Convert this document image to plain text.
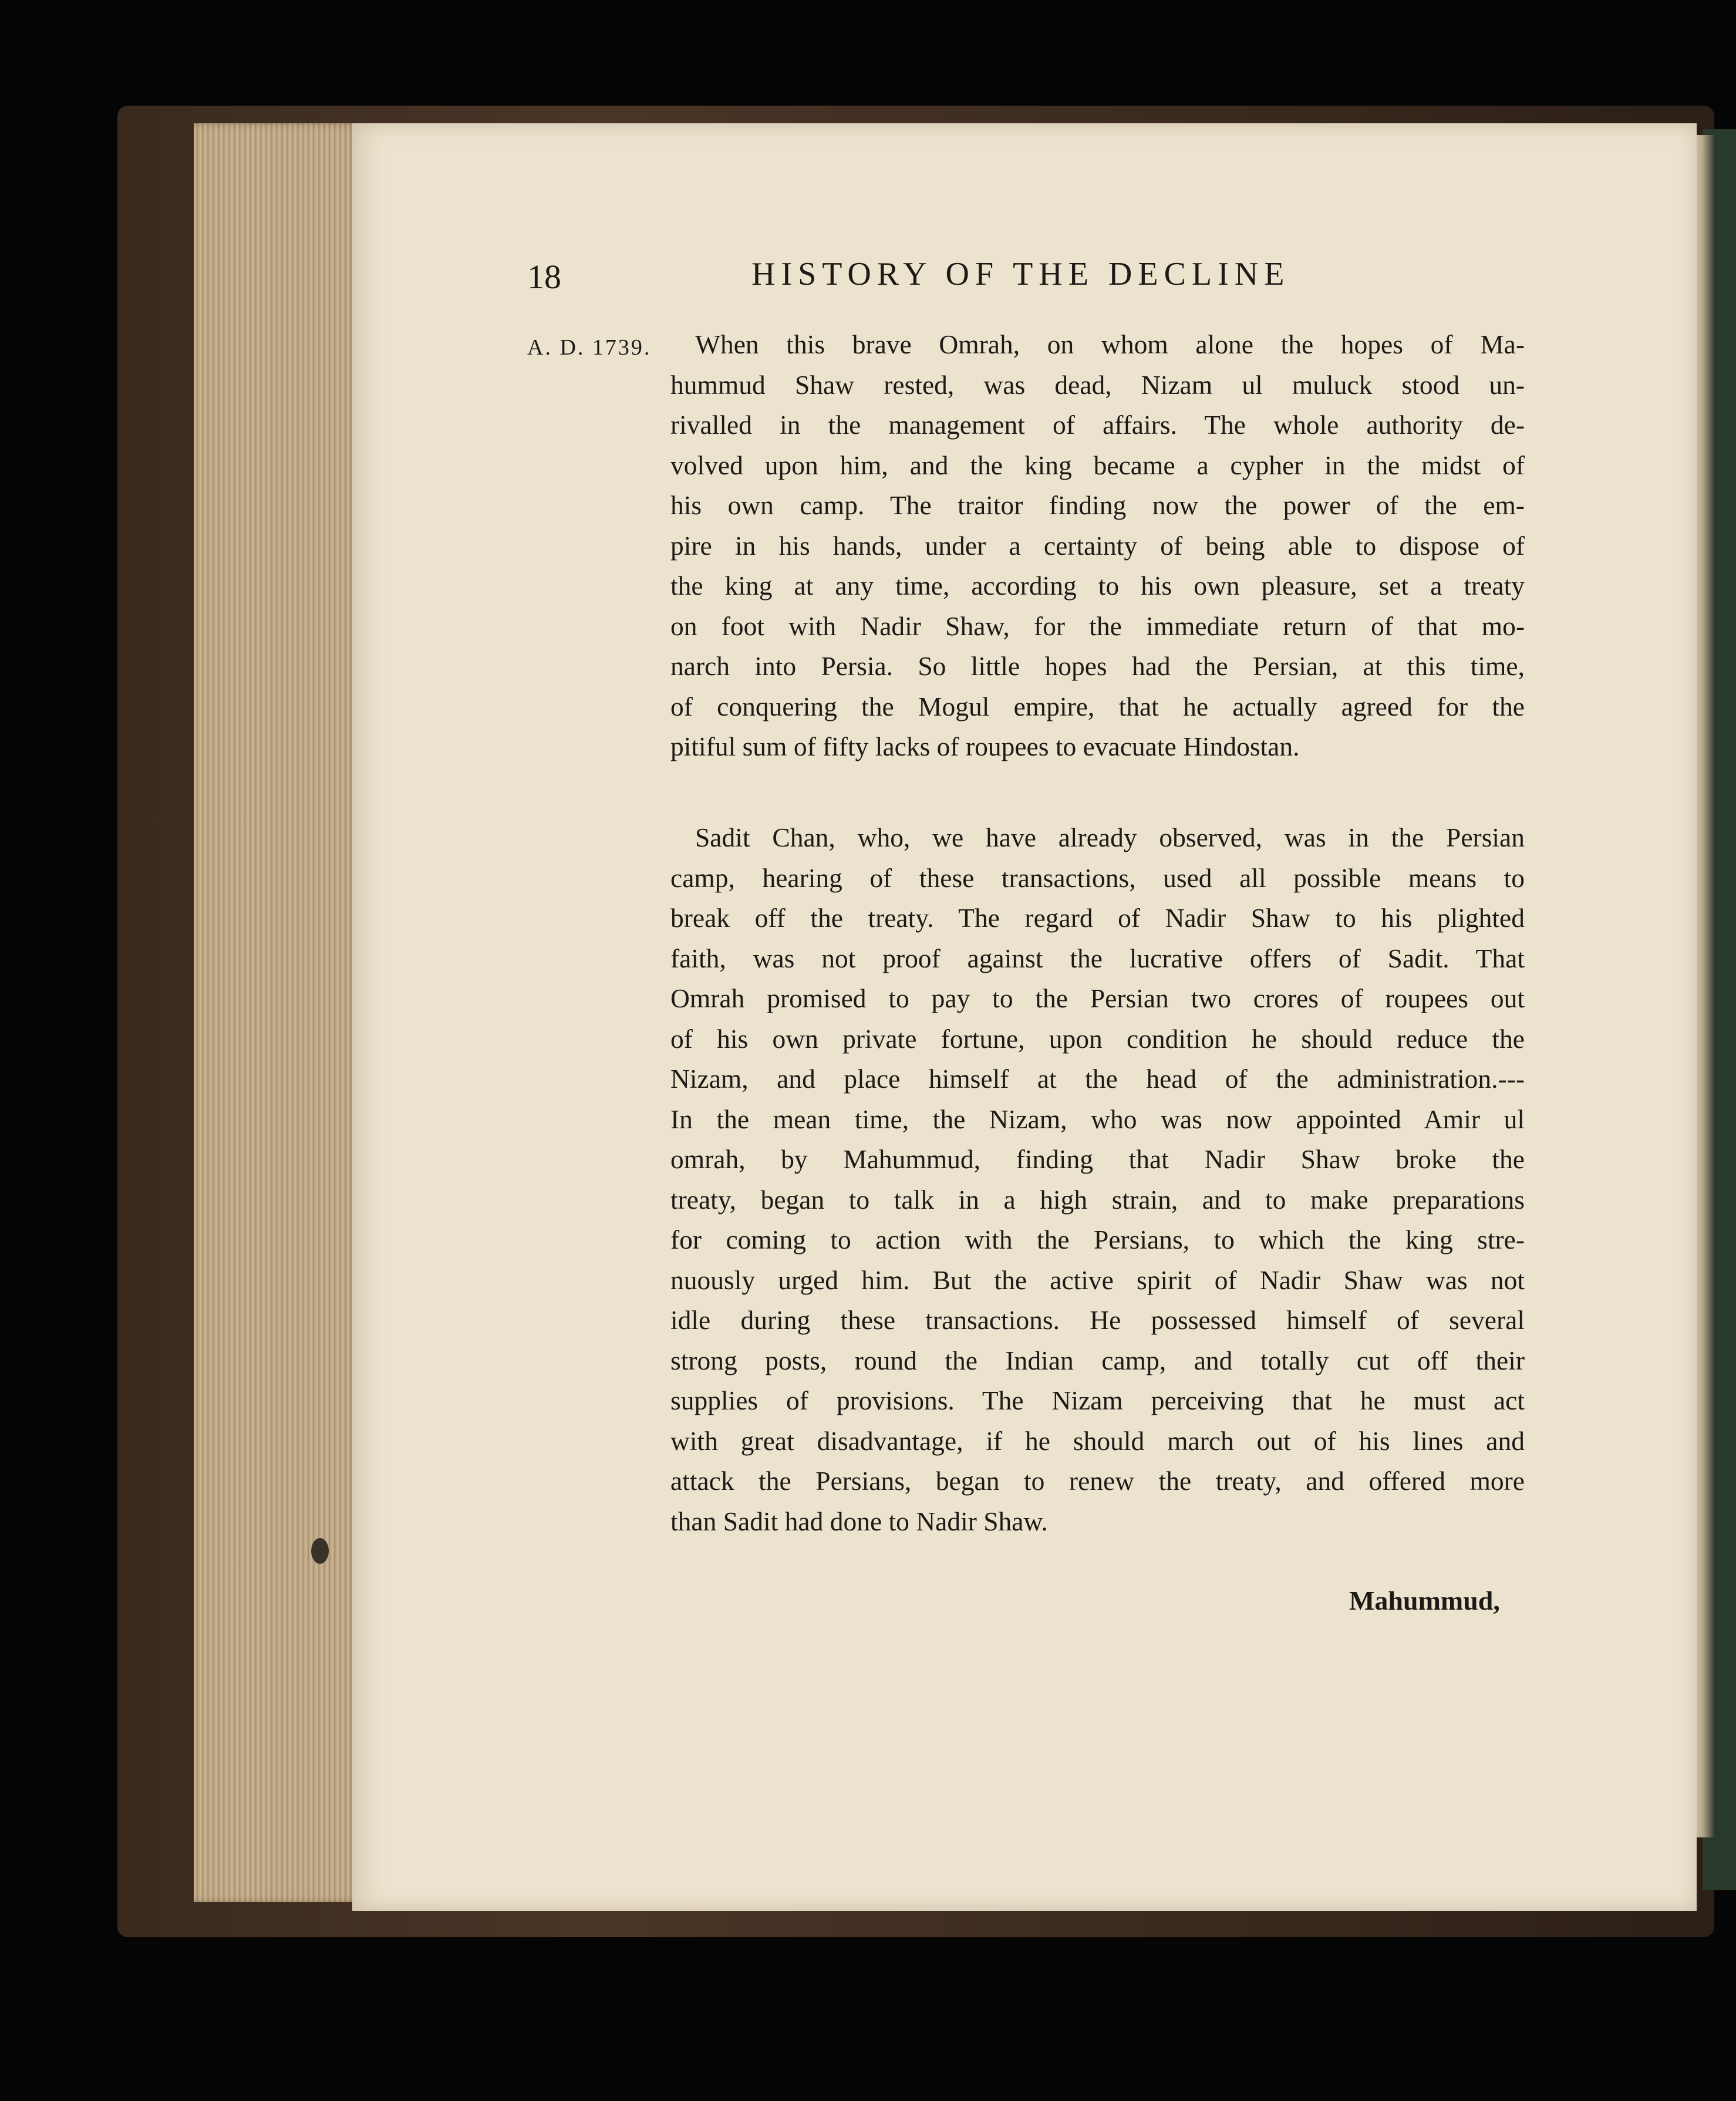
18	HISTORY OF THE DECLINE
A. D. 1739.	When this brave Omrah, on whom alone the hopes of Ma-
hummud Shaw rested, was dead, Nizam ul muluck stood un-
rivalled in the management of affairs. The whole authority de-
volved upon him, and the king became a cypher in the midst of
his own camp. The traitor finding now the power of the em-
pire in his hands, under a certainty of being able to dispose of
the king at any time, according to his own pleasure, set a treaty
on foot with Nadir Shaw, for the immediate return of that mo-
narch into Persia. So little hopes had the Persian, at this time,
of conquering the Mogul empire, that he actually agreed for the
pitiful sum of fifty lacks of roupees to evacuate Hindostan.
Sadit Chan, who, we have already observed, was in the Persian
camp, hearing of these transactions, used all possible means to
break off the treaty. The regard of Nadir Shaw to his plighted
faith, was not proof against the lucrative offers of Sadit. That
Omrah promised to pay to the Persian two crores of roupees out
of his own private fortune, upon condition he should reduce the
Nizam, and place himself at the head of the administration.---
In the mean time, the Nizam, who was now appointed Amir ul
omrah, by Mahummud, finding that Nadir Shaw broke the
treaty, began to talk in a high strain, and to make preparations
for coming to action with the Persians, to which the king stre-
nuously urged him. But the active spirit of Nadir Shaw was not
idle during these transactions. He possessed himself of several
strong posts, round the Indian camp, and totally cut off their
supplies of provisions. The Nizam perceiving that he must act
with great disadvantage, if he should march out of his lines and
attack the Persians, began to renew the treaty, and offered more
than Sadit had done to Nadir Shaw.
Mahummud,
